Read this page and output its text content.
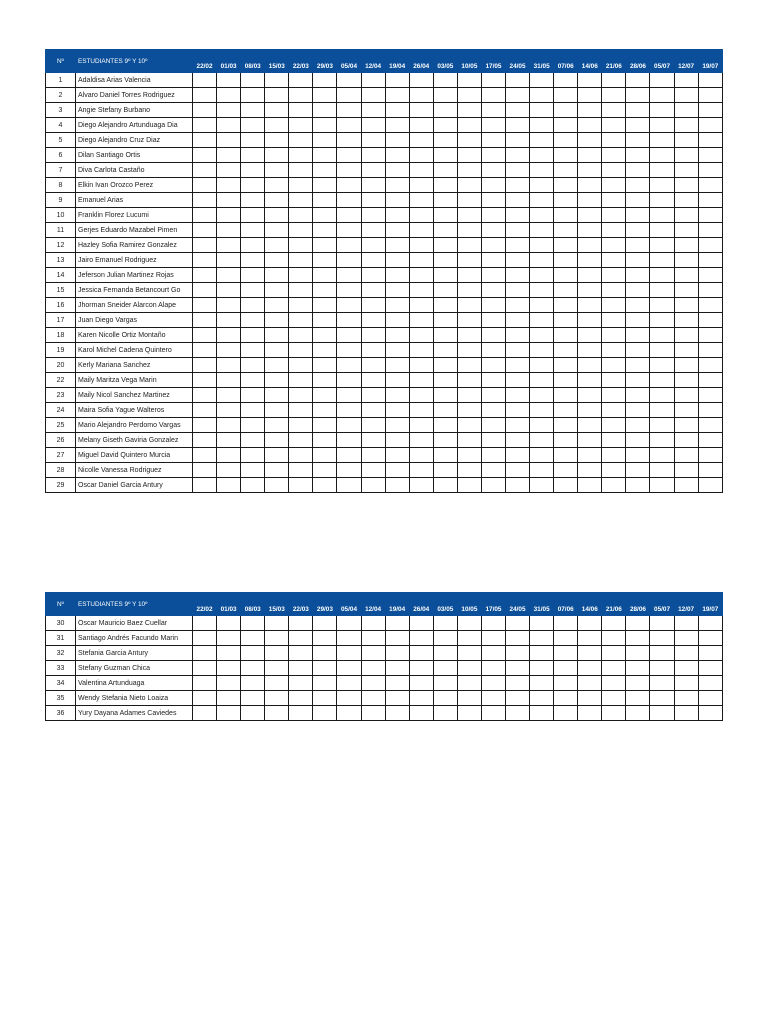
Nº	ESTUDIANTES 9º Y 10º	22/02	01/03	08/03	15/03	22/03	29/03	05/04	12/04	19/04	26/04	03/05	10/05	17/05	24/05	31/05	07/06	14/06	21/06	28/06	05/07	12/07	19/07
1	Adaldisa Arias Valencia																						
2	Alvaro Daniel Torres Rodriguez																						
3	Angie Stefany Burbano																						
4	Diego Alejandro Artunduaga Dia																						
5	Diego Alejandro Cruz Diaz																						
6	Dilan Santiago Ortis																						
7	Diva Carlota Castaño																						
8	Elkin Ivan Orozco Perez																						
9	Emanuel Arias																						
10	Franklin Florez Lucumi																						
11	Gerjes Eduardo Mazabel Pimen																						
12	Hazley Sofia Ramirez Gonzalez																						
13	Jairo Emanuel Rodriguez																						
14	Jeferson Julian Martinez Rojas																						
15	Jessica Fernanda Betancourt Go																						
16	Jhorman Sneider Alarcon Alape																						
17	Juan Diego Vargas																						
18	Karen Nicolle Ortiz Montaño																						
19	Karol Michel Cadena Quintero																						
20	Kerly Mariana Sanchez																						
22	Maily Maritza Vega Marin																						
23	Maily Nicol Sanchez Martinez																						
24	Maira Sofia Yague Walteros																						
25	Mario Alejandro Perdomo Vargas																						
26	Melany Giseth Gaviria Gonzalez																						
27	Miguel David Quintero Murcia																						
28	Nicolle Vanessa Rodriguez																						
29	Oscar Daniel Garcia Antury																						
Nº	ESTUDIANTES 9º Y 10º	22/02	01/03	08/03	15/03	22/03	29/03	05/04	12/04	19/04	26/04	03/05	10/05	17/05	24/05	31/05	07/06	14/06	21/06	28/06	05/07	12/07	19/07
30	Oscar Mauricio Baez Cuellar																						
31	Santiago Andrés Facundo Marin																						
32	Stefania Garcia Antury																						
33	Stefany Guzman Chica																						
34	Valentina Artunduaga																						
35	Wendy Stefania Nieto Loaiza																						
36	Yury Dayana Adames Caviedes																						
